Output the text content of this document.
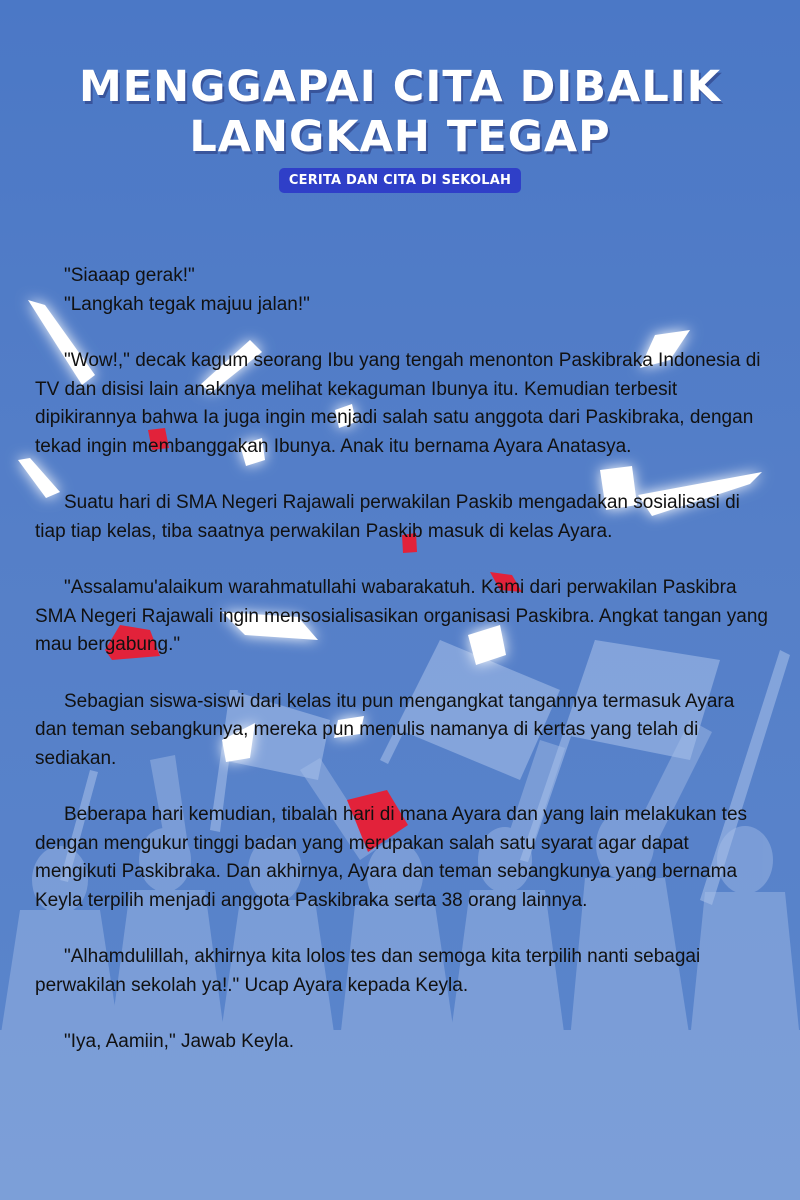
MENGGAPAI CITA DIBALIK
LANGKAH TEGAP
CERITA DAN CITA DI SEKOLAH

"Siaaap gerak!"

"Langkah tegak majuu jalan!"

"Wow!," decak kagum seorang Ibu yang tengah menonton Paskibraka Indonesia di TV dan disisi lain anaknya melihat kekaguman Ibunya itu. Kemudian terbesit dipikirannya bahwa Ia juga ingin menjadi salah satu anggota dari Paskibraka, dengan tekad ingin membanggakan Ibunya. Anak itu bernama Ayara Anatasya.

Suatu hari di SMA Negeri Rajawali perwakilan Paskib mengadakan sosialisasi di tiap tiap kelas, tiba saatnya perwakilan Paskib masuk di kelas Ayara.

"Assalamu'alaikum warahmatullahi wabarakatuh. Kami dari perwakilan Paskibra SMA Negeri Rajawali ingin mensosialisasikan organisasi Paskibra. Angkat tangan yang mau bergabung."

Sebagian siswa-siswi dari kelas itu pun mengangkat tangannya termasuk Ayara dan teman sebangkunya, mereka pun menulis namanya di kertas yang telah di sediakan.

Beberapa hari kemudian, tibalah hari di mana Ayara dan yang lain melakukan tes dengan mengukur tinggi badan yang merupakan salah satu syarat agar dapat mengikuti Paskibraka. Dan akhirnya, Ayara dan teman sebangkunya yang bernama Keyla terpilih menjadi anggota Paskibraka serta 38 orang lainnya.

"Alhamdulillah, akhirnya kita lolos tes dan semoga kita terpilih nanti sebagai perwakilan sekolah ya!." Ucap Ayara kepada Keyla.

"Iya, Aamiin," Jawab Keyla.
